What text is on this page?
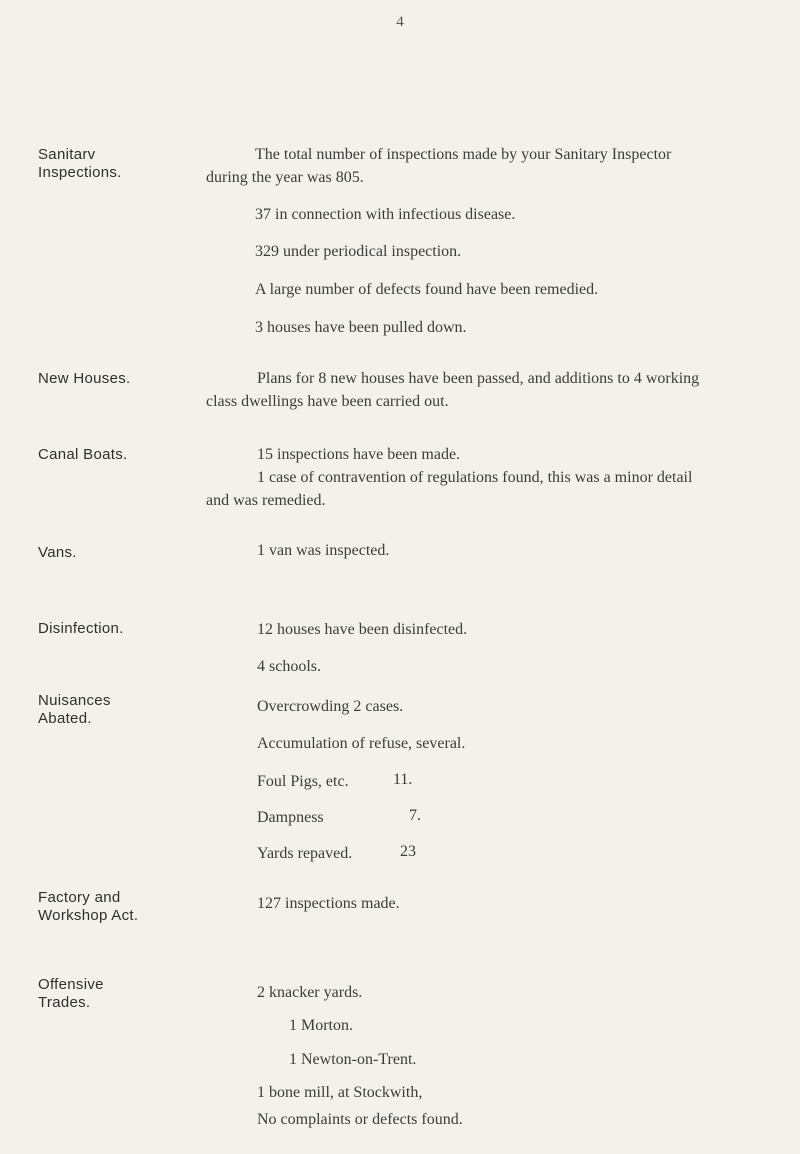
4
Sanitarv
Inspections.
The total number of inspections made by your Sanitary Inspector
during the year was 805.
37 in connection with infectious disease.
329 under periodical inspection.
A large number of defects found have been remedied.
3 houses have been pulled down.
New Houses.	Plans for 8 new houses have been passed, and additions to 4 working
class dwellings have been carried out.
Canal Boats.	15 inspections have been made.
1 case of contravention of regulations found, this was a minor detail
and was remedied.
Vans.	1 van was inspected.
Disinfection.	12 houses have been disinfected.
4 schools.
Nuisances
Abated.
Overcrowding 2 cases.
Accumulation of refuse, several.
Foul Pigs, etc.	11.
Dampness	7.
Yards repaved.	23
Factory and
Workshop Act.
127 inspections made.
Offensive
Trades.
2 knacker yards.
1 Morton.
1 Newton-on-Trent.
1 bone mill, at Stockwith,
No complaints or defects found.
